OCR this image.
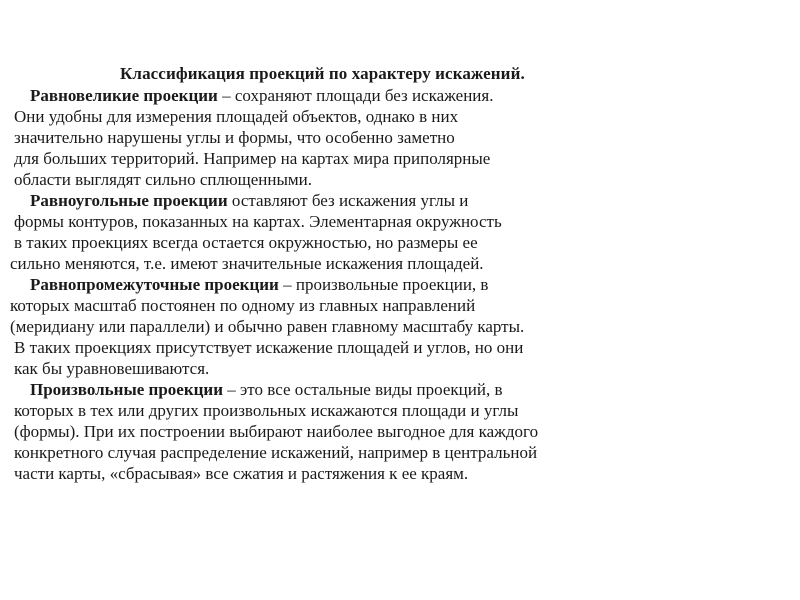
Классификация проекций по характеру искажений.
Равновеликие проекции – сохраняют площади без искажения.
Они удобны для измерения площадей объектов, однако в них
значительно нарушены углы и формы, что особенно заметно
для больших территорий. Например на картах мира приполярные
области выглядят сильно сплющенными.
Равноугольные проекции оставляют без искажения углы и
формы контуров, показанных на картах. Элементарная окружность
в таких проекциях всегда остается окружностью, но размеры ее
сильно меняются, т.е. имеют значительные искажения площадей.
Равнопромежуточные проекции – произвольные проекции, в
которых масштаб постоянен по одному из главных направлений
(меридиану или параллели) и обычно равен главному масштабу карты.
В таких проекциях присутствует искажение площадей и углов, но они
как бы уравновешиваются.
Произвольные проекции – это все остальные виды проекций, в
которых в тех или других произвольных искажаются площади и углы
(формы). При их построении выбирают наиболее выгодное для каждого
конкретного случая распределение искажений, например в центральной
части карты, «сбрасывая» все сжатия и растяжения к ее краям.
